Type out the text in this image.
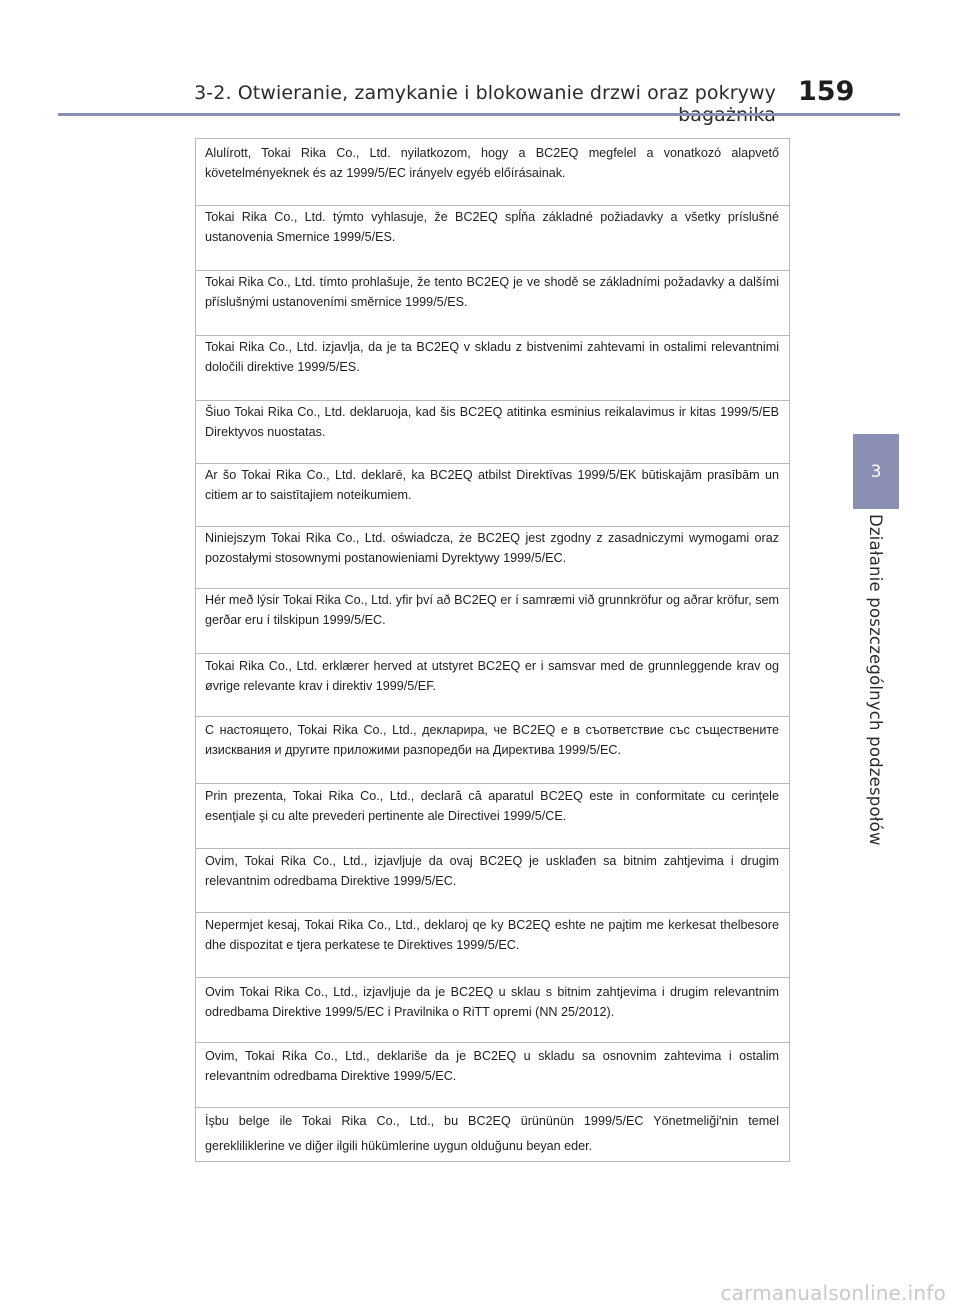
3-2. Otwieranie, zamykanie i blokowanie drzwi oraz pokrywy 159
3
Działanie poszczególnych podzespołów
Alulírott, Tokai Rika Co., Ltd. nyilatkozom, hogy a BC2EQ megfelel a vonatkozó alapvető követelményeknek és az 1999/5/EC irányelv egyéb előírásainak.
Tokai Rika Co., Ltd. týmto vyhlasuje, že BC2EQ spĺňa základné požiadavky a všetky príslušné ustanovenia Smernice 1999/5/ES.
Tokai Rika Co., Ltd. tímto prohlašuje, že tento BC2EQ je ve shodě se základními požadavky a dalšími příslušnými ustanoveními směrnice 1999/5/ES.
Tokai Rika Co., Ltd. izjavlja, da je ta BC2EQ v skladu z bistvenimi zahtevami in ostalimi relevantnimi določili direktive 1999/5/ES.
Šiuo Tokai Rika Co., Ltd. deklaruoja, kad šis BC2EQ atitinka esminius reikalavimus ir kitas 1999/5/EB Direktyvos nuostatas.
Ar šo Tokai Rika Co., Ltd. deklarē, ka BC2EQ atbilst Direktīvas 1999/5/EK būtiskajām prasībām un citiem ar to saistītajiem noteikumiem.
Niniejszym Tokai Rika Co., Ltd. oświadcza, że BC2EQ jest zgodny z zasadniczymi wymogami oraz pozostałymi stosownymi postanowieniami Dyrektywy 1999/5/EC.
Hér með lýsir Tokai Rika Co., Ltd. yfir því að BC2EQ er í samræmi við grunnkröfur og aðrar kröfur, sem gerðar eru í tilskipun 1999/5/EC.
Tokai Rika Co., Ltd. erklærer herved at utstyret BC2EQ er i samsvar med de grunnleggende krav og øvrige relevante krav i direktiv 1999/5/EF.
С настоящето, Tokai Rika Co., Ltd., декларира, че BC2EQ е в съответствие със съществените изисквания и другите приложими разпоредби на Директива 1999/5/EC.
Prin prezenta, Tokai Rika Co., Ltd., declară că aparatul BC2EQ este in conformitate cu cerinţele esenţiale şi cu alte prevederi pertinente ale Directivei 1999/5/CE.
Ovim, Tokai Rika Co., Ltd., izjavljuje da ovaj BC2EQ je usklađen sa bitnim zahtjevima i drugim relevantnim odredbama Direktive 1999/5/EC.
Nepermjet kesaj, Tokai Rika Co., Ltd., deklaroj qe ky BC2EQ eshte ne pajtim me kerkesat thelbesore dhe dispozitat e tjera perkatese te Direktives 1999/5/EC.
Ovim Tokai Rika Co., Ltd., izjavljuje da je BC2EQ u sklau s bitnim zahtjevima i drugim relevantnim odredbama Direktive 1999/5/EC i Pravilnika o RiTT opremi (NN 25/2012).
Ovim, Tokai Rika Co., Ltd., deklariše da je BC2EQ u skladu sa osnovnim zahtevima i ostalim relevantnim odredbama Direktive 1999/5/EC.
İşbu belge ile Tokai Rika Co., Ltd., bu BC2EQ ürününün 1999/5/EC Yönetmeliği'nin temel gerekliliklerine ve diğer ilgili hükümlerine uygun olduğunu beyan eder.
carmanualsonline.info
